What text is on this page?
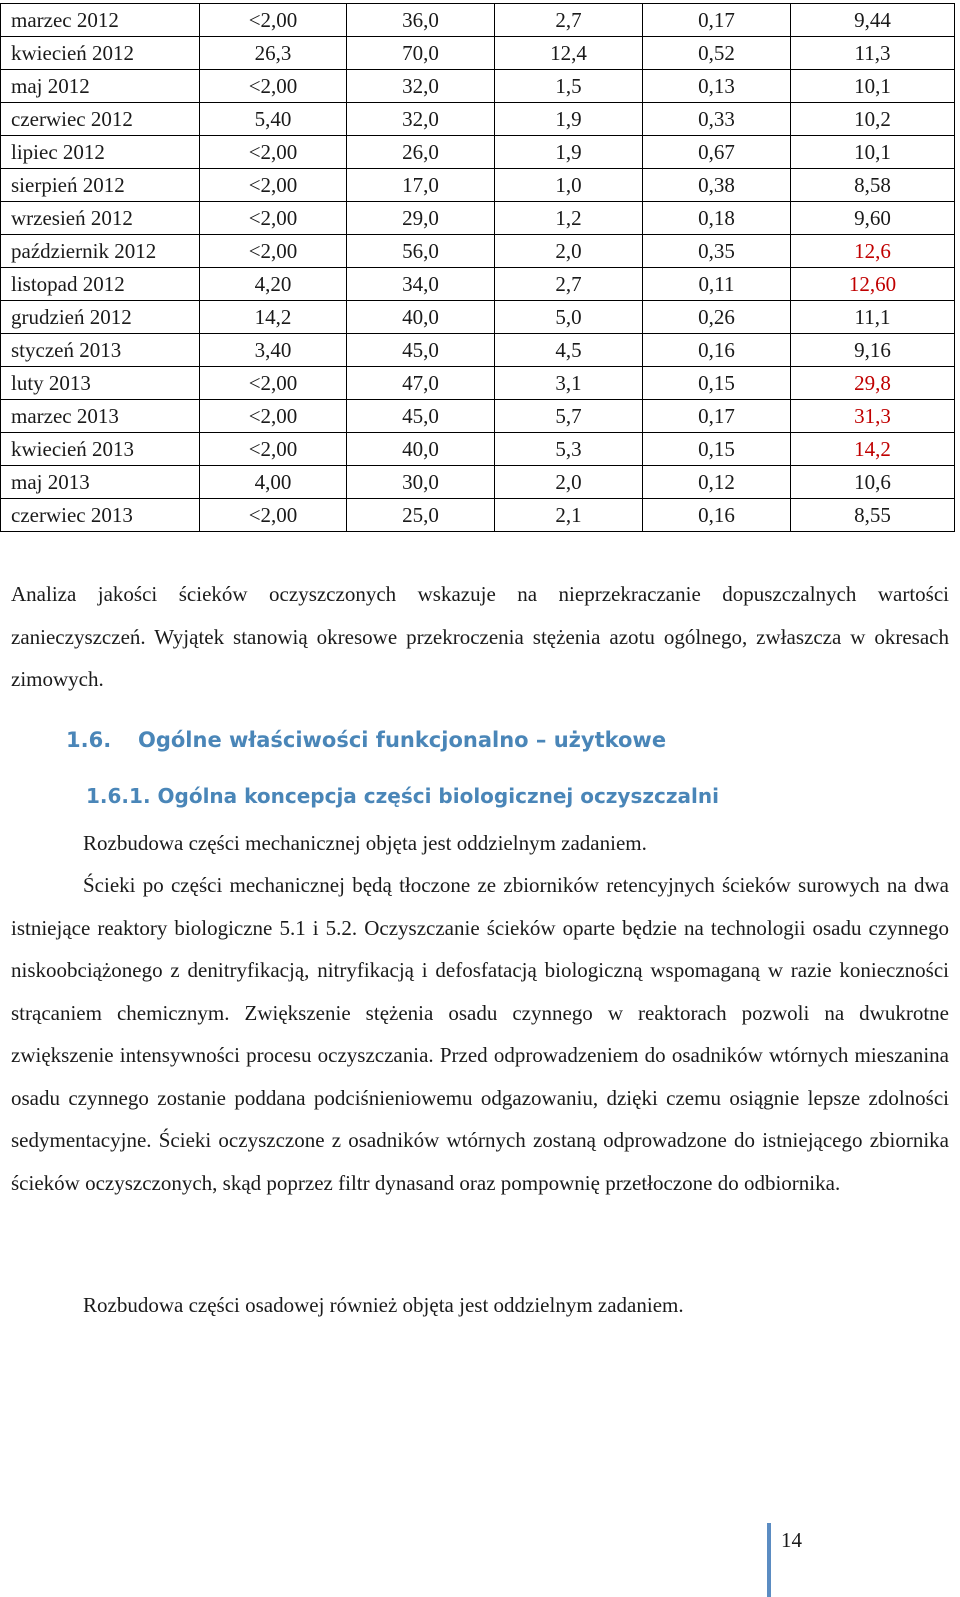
marzec 2012	<2,00	36,0	2,7	0,17	9,44
kwiecień 2012	26,3	70,0	12,4	0,52	11,3
maj 2012	<2,00	32,0	1,5	0,13	10,1
czerwiec 2012	5,40	32,0	1,9	0,33	10,2
lipiec 2012	<2,00	26,0	1,9	0,67	10,1
sierpień 2012	<2,00	17,0	1,0	0,38	8,58
wrzesień 2012	<2,00	29,0	1,2	0,18	9,60
październik 2012	<2,00	56,0	2,0	0,35	12,6
listopad 2012	4,20	34,0	2,7	0,11	12,60
grudzień 2012	14,2	40,0	5,0	0,26	11,1
styczeń 2013	3,40	45,0	4,5	0,16	9,16
luty 2013	<2,00	47,0	3,1	0,15	29,8
marzec 2013	<2,00	45,0	5,7	0,17	31,3
kwiecień 2013	<2,00	40,0	5,3	0,15	14,2
maj 2013	4,00	30,0	2,0	0,12	10,6
czerwiec 2013	<2,00	25,0	2,1	0,16	8,55
Analiza jakości ścieków oczyszczonych wskazuje na nieprzekraczanie dopuszczalnych wartości zanieczyszczeń. Wyjątek stanowią okresowe przekroczenia stężenia azotu ogólnego, zwłaszcza w okresach zimowych.
1.6. Ogólne właściwości funkcjonalno – użytkowe
1.6.1. Ogólna koncepcja części biologicznej oczyszczalni
Rozbudowa części mechanicznej objęta jest oddzielnym zadaniem.
Ścieki po części mechanicznej będą tłoczone ze zbiorników retencyjnych ścieków surowych na dwa istniejące reaktory biologiczne 5.1 i 5.2. Oczyszczanie ścieków oparte będzie na technologii osadu czynnego niskoobciążonego z denitryfikacją, nitryfikacją i defosfatacją biologiczną wspomaganą w razie konieczności strącaniem chemicznym. Zwiększenie stężenia osadu czynnego w reaktorach pozwoli na dwukrotne zwiększenie intensywności procesu oczyszczania. Przed odprowadzeniem do osadników wtórnych mieszanina osadu czynnego zostanie poddana podciśnieniowemu odgazowaniu, dzięki czemu osiągnie lepsze zdolności sedymentacyjne. Ścieki oczyszczone z osadników wtórnych zostaną odprowadzone do istniejącego zbiornika ścieków oczyszczonych, skąd poprzez filtr dynasand oraz pompownię przetłoczone do odbiornika.
Rozbudowa części osadowej również objęta jest oddzielnym zadaniem.
14
